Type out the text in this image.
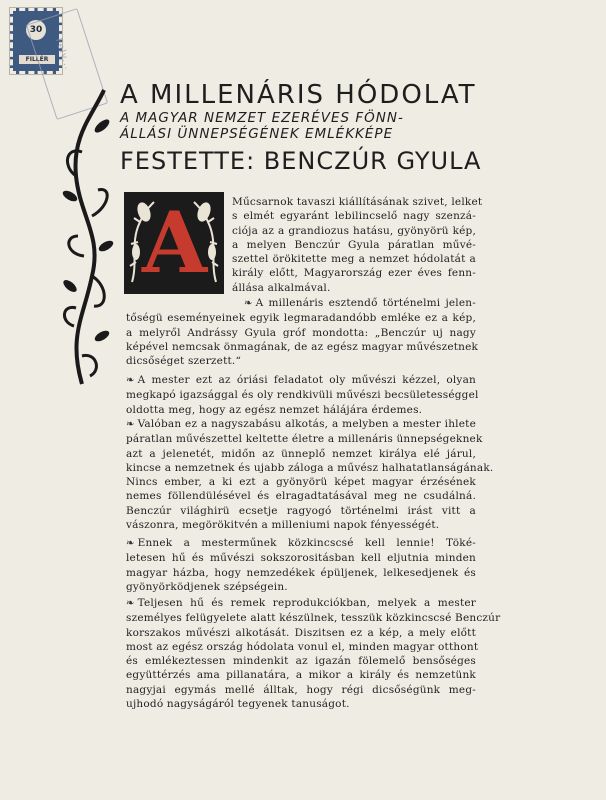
30
FILLÉR Felv...
A MILLENÁRIS HÓDOLAT
A MAGYAR NEMZET EZERÉVES FÖNN-
ÁLLÁSI ÜNNEPSÉGÉNEK EMLÉKKÉPE
FESTETTE: BENCZÚR GYULA
A Műcsarnok tavaszi kiállításának szivet, lelket
s elmét egyaránt lebilincselő nagy szenzá-
ciója az a grandiozus hatásu, gyönyörü kép,
a melyen Benczúr Gyula páratlan művé-
szettel örökitette meg a nemzet hódolatát a
király előtt, Magyarország ezer éves fenn-
állása alkalmával.
❧ A millenáris esztendő történelmi jelen-
tőségü eseményeinek egyik legmaradandóbb emléke ez a kép,
a melyről Andrássy Gyula gróf mondotta: „Benczúr uj nagy
képével nemcsak önmagának, de az egész magyar művészetnek
dicsőséget szerzett.“
❧ A mester ezt az óriási feladatot oly művészi kézzel, olyan
megkapó igazsággal és oly rendkivüli művészi becsületességgel
oldotta meg, hogy az egész nemzet hálájára érdemes.
❧ Valóban ez a nagyszabásu alkotás, a melyben a mester ihlete
páratlan művészettel keltette életre a millenáris ünnepségeknek
azt a jelenetét, midőn az ünneplő nemzet királya elé járul,
kincse a nemzetnek és ujabb záloga a művész halhatatlanságának.
Nincs ember, a ki ezt a gyönyörü képet magyar érzésének
nemes föllendülésével és elragadtatásával meg ne csudálná.
Benczúr világhirü ecsetje ragyogó történelmi irást vitt a
vászonra, megörökitvén a milleniumi napok fényességét.
❧ Ennek a mesterműnek közkincscsé kell lennie! Töké-
letesen hű és művészi sokszorositásban kell eljutnia minden
magyar házba, hogy nemzedékek épüljenek, lelkesedjenek és
gyönyörködjenek szépségein.
❧ Teljesen hű és remek reprodukciókban, melyek a mester
személyes felügyelete alatt készülnek, tesszük közkincscsé Benczúr
korszakos művészi alkotását. Diszitsen ez a kép, a mely előtt
most az egész ország hódolata vonul el, minden magyar otthont
és emlékeztessen mindenkit az igazán fölemelő bensőséges
együttérzés ama pillanatára, a mikor a király és nemzetünk
nagyjai egymás mellé álltak, hogy régi dicsőségünk meg-
ujhodó nagyságáról tegyenek tanuságot.
